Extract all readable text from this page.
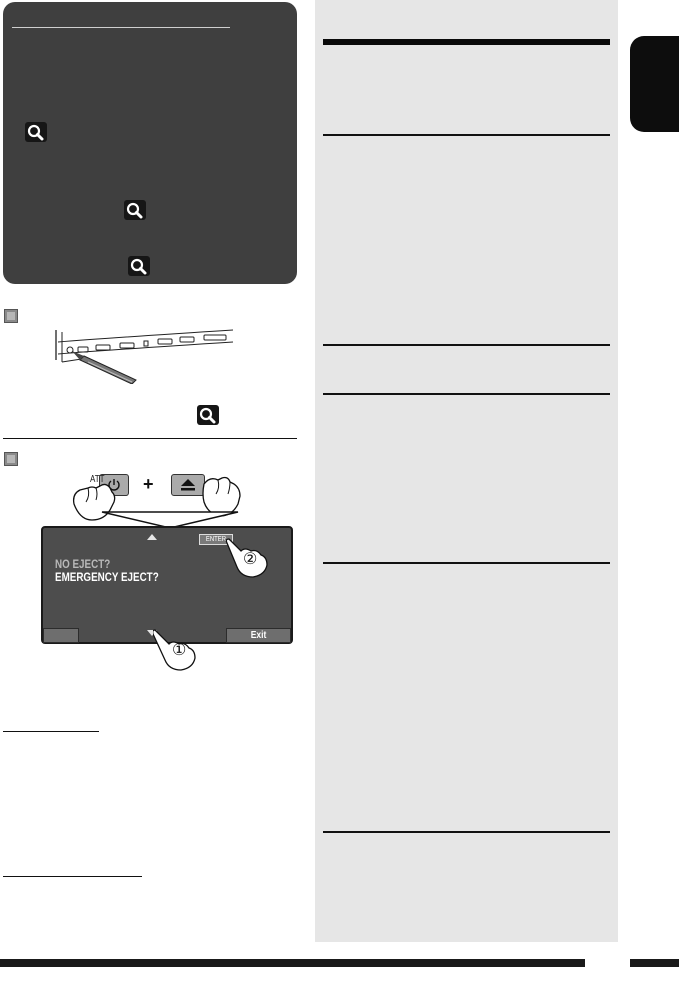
ATT +
ENTER
NO EJECT?
EMERGENCY EJECT?
Exit
②
①
